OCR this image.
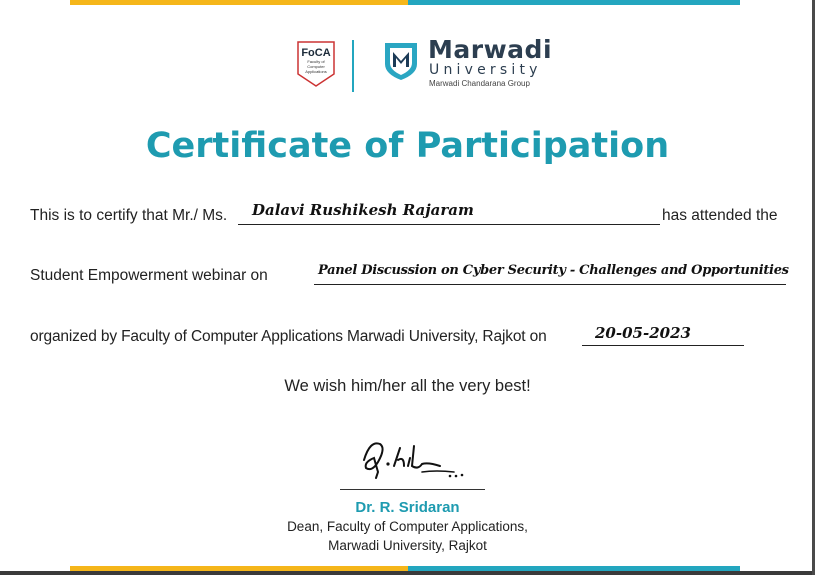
FoCA
Faculty of
Computer
Applications
Marwadi
University
Marwadi Chandarana Group
Certificate of Participation
This is to certify that Mr./ Ms. Dalavi Rushikesh Rajaram	has attended the
Student Empowerment webinar on	Panel Discussion on Cyber Security - Challenges and Opportunities
organized by Faculty of Computer Applications Marwadi University, Rajkot on	20-05-2023
We wish him/her all the very best!
Dr. R. Sridaran
Dean, Faculty of Computer Applications,
Marwadi University, Rajkot
